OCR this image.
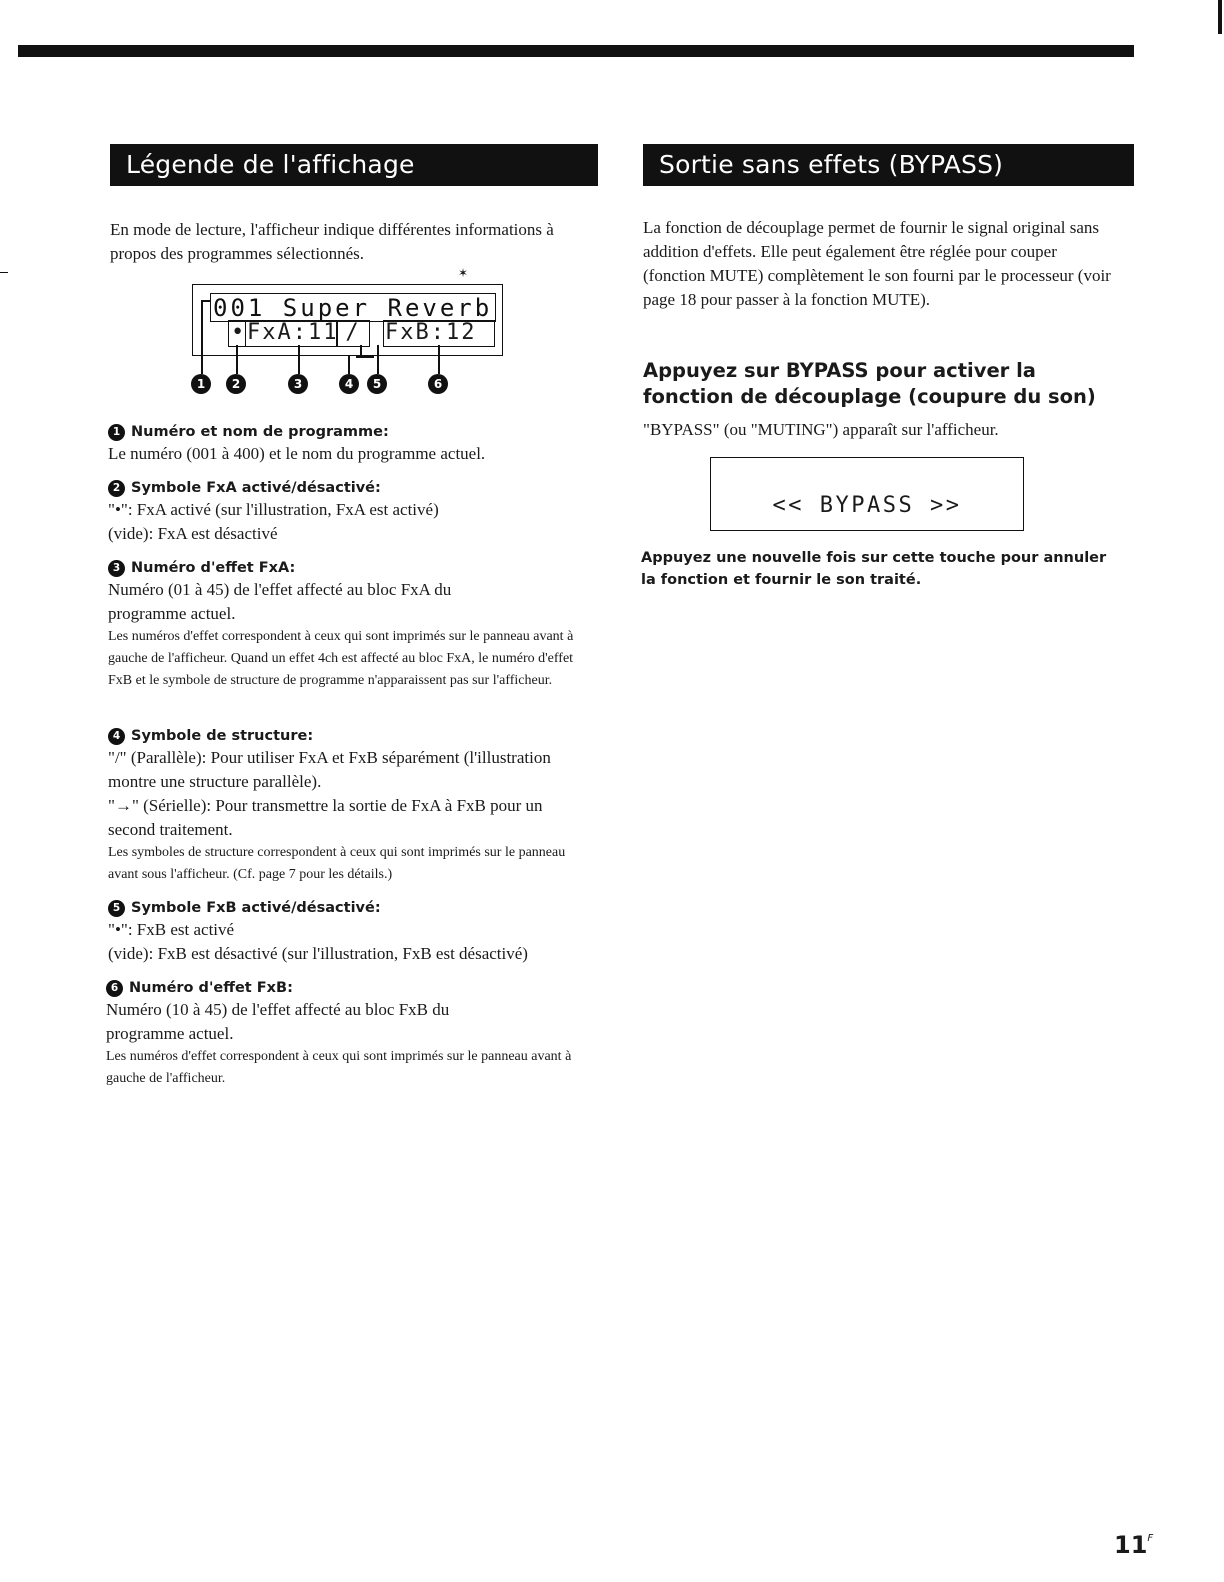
Légende de l'affichage
En mode de lecture, l'afficheur indique différentes informations à propos des programmes sélectionnés.
✶
001 Super Reverb
• FxA:11 /	FxB:12
1	2	3	4	5	6
1 Numéro et nom de programme:
Le numéro (001 à 400) et le nom du programme actuel.
2 Symbole FxA activé/désactivé:
"•": FxA activé (sur l'illustration, FxA est activé)
(vide): FxA est désactivé
3 Numéro d'effet FxA:
Numéro (01 à 45) de l'effet affecté au bloc FxA du programme actuel.
Les numéros d'effet correspondent à ceux qui sont imprimés sur le panneau avant à gauche de l'afficheur. Quand un effet 4ch est affecté au bloc FxA, le numéro d'effet FxB et le symbole de structure de programme n'apparaissent pas sur l'afficheur.
4 Symbole de structure:
"/" (Parallèle): Pour utiliser FxA et FxB séparément (l'illustration montre une structure parallèle).
"→" (Sérielle): Pour transmettre la sortie de FxA à FxB pour un second traitement.
Les symboles de structure correspondent à ceux qui sont imprimés sur le panneau avant sous l'afficheur. (Cf. page 7 pour les détails.)
5 Symbole FxB activé/désactivé:
"•": FxB est activé
(vide): FxB est désactivé (sur l'illustration, FxB est désactivé)
6 Numéro d'effet FxB:
Numéro (10 à 45) de l'effet affecté au bloc FxB du programme actuel.
Les numéros d'effet correspondent à ceux qui sont imprimés sur le panneau avant à gauche de l'afficheur.
Sortie sans effets (BYPASS)
La fonction de découplage permet de fournir le signal original sans addition d'effets. Elle peut également être réglée pour couper (fonction MUTE) complètement le son fourni par le processeur (voir page 18 pour passer à la fonction MUTE).
Appuyez sur BYPASS pour activer la fonction de découplage (coupure du son)
"BYPASS" (ou "MUTING") apparaît sur l'afficheur.
<< BYPASS >>
Appuyez une nouvelle fois sur cette touche pour annuler la fonction et fournir le son traité.
$11^F$
